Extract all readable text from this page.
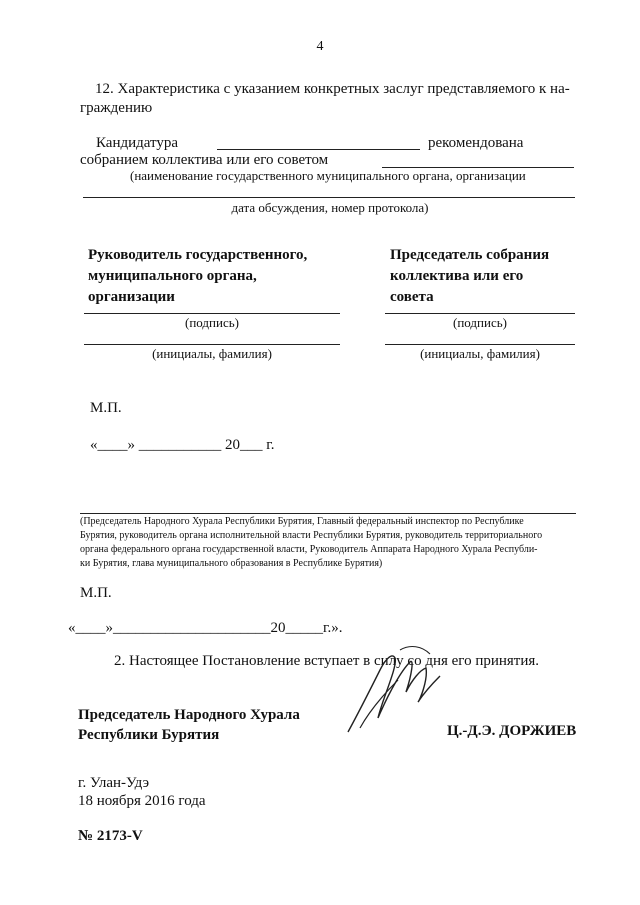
4
12. Характеристика с указанием конкретных заслуг представляемого к на-
граждению
Кандидатура	рекомендована
собранием коллектива или его советом
(наименование государственного муниципального органа, организации
дата обсуждения, номер протокола)
Руководитель государственного,
муниципального органа,
организации
(подпись)
(инициалы, фамилия)
Председатель собрания
коллектива или его
совета
(подпись)
(инициалы, фамилия)
М.П.
«____» ___________ 20___ г.
(Председатель Народного Хурала Республики Бурятия, Главный федеральный инспектор по Республике
Бурятия, руководитель органа исполнительной власти Республики Бурятия, руководитель территориального
органа федерального органа государственной власти, Руководитель Аппарата Народного Хурала Республи-
ки Бурятия, глава муниципального образования в Республике Бурятия)
М.П.
«____»_____________________20_____г.».
2. Настоящее Постановление вступает в силу со дня его принятия.
Председатель Народного Хурала
Республики Бурятия	Ц.-Д.Э. ДОРЖИЕВ
г. Улан-Удэ
18 ноября 2016 года
№ 2173-V
